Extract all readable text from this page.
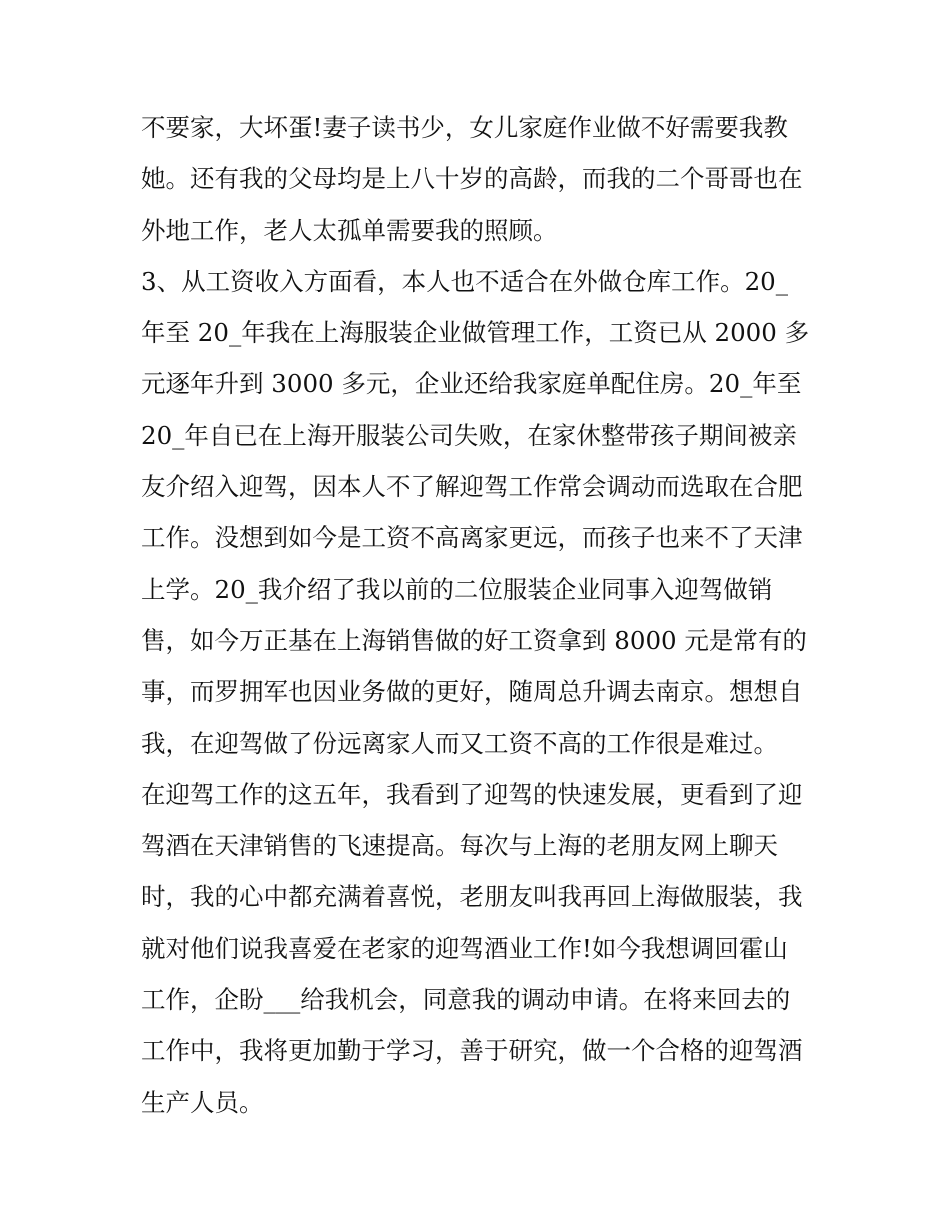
不要家，大坏蛋!妻子读书少，女儿家庭作业做不好需要我教
她。还有我的父母均是上八十岁的高龄，而我的二个哥哥也在
外地工作，老人太孤单需要我的照顾。
3、从工资收入方面看，本人也不适合在外做仓库工作。20_
年至 20_年我在上海服装企业做管理工作，工资已从 2000 多
元逐年升到 3000 多元，企业还给我家庭单配住房。20_年至
20_年自已在上海开服装公司失败，在家休整带孩子期间被亲
友介绍入迎驾，因本人不了解迎驾工作常会调动而选取在合肥
工作。没想到如今是工资不高离家更远，而孩子也来不了天津
上学。20_我介绍了我以前的二位服装企业同事入迎驾做销
售，如今万正基在上海销售做的好工资拿到 8000 元是常有的
事，而罗拥军也因业务做的更好，随周总升调去南京。想想自
我，在迎驾做了份远离家人而又工资不高的工作很是难过。
在迎驾工作的这五年，我看到了迎驾的快速发展，更看到了迎
驾酒在天津销售的飞速提高。每次与上海的老朋友网上聊天
时，我的心中都充满着喜悦，老朋友叫我再回上海做服装，我
就对他们说我喜爱在老家的迎驾酒业工作!如今我想调回霍山
工作，企盼___给我机会，同意我的调动申请。在将来回去的
工作中，我将更加勤于学习，善于研究，做一个合格的迎驾酒
生产人员。
